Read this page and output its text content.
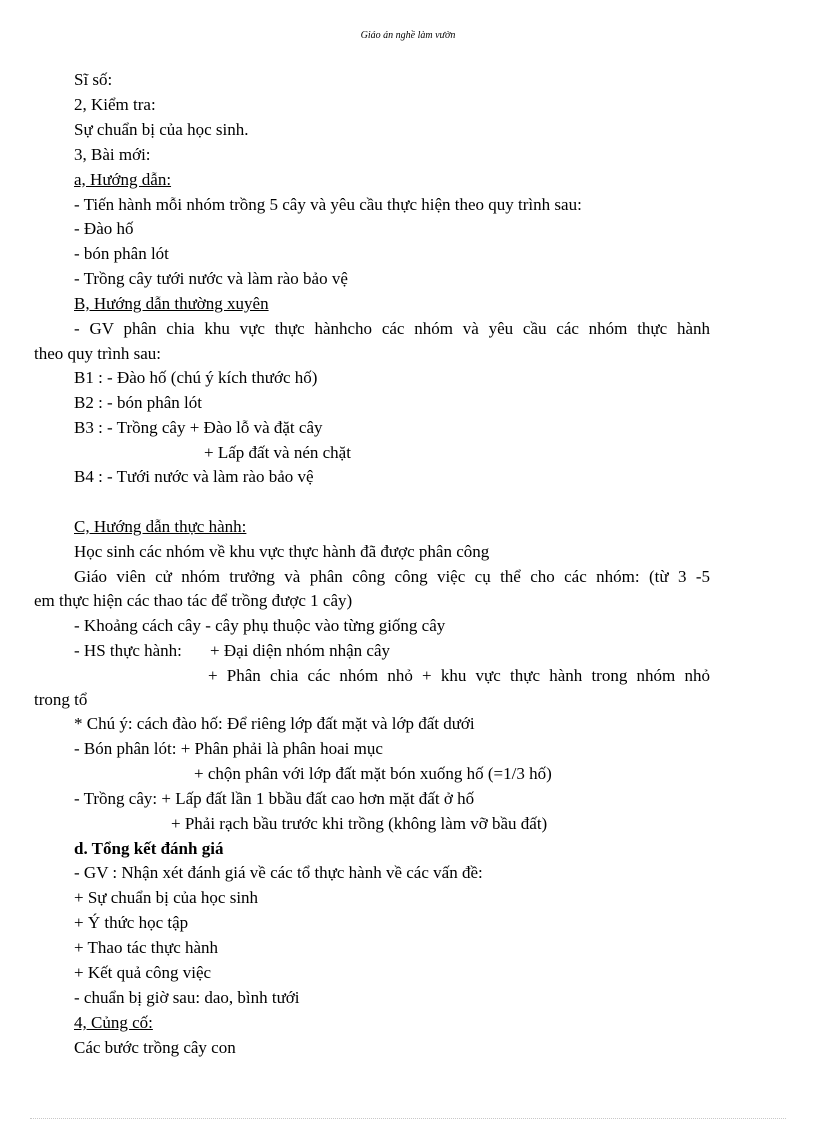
Giáo án nghề làm vườn
Sĩ số:
2, Kiểm tra:
Sự chuẩn bị của học sinh.
3, Bài mới:
a, Hướng dẫn:
- Tiến hành mỗi nhóm trồng 5 cây và yêu cầu thực hiện theo quy trình sau:
- Đào hố
- bón phân lót
- Trồng cây tưới nước và làm rào bảo vệ
B, Hướng dẫn thường xuyên
- GV phân chia khu vực thực hànhcho các nhóm và yêu cầu các nhóm thực hành
theo quy trình sau:
B1 : - Đào hố (chú ý kích thước hố)
B2 : - bón phân lót
B3 : - Trồng cây + Đào lỗ và đặt cây
+ Lấp đất và nén chặt
B4 : - Tưới nước và làm rào bảo vệ
C, Hướng dẫn thực hành:
Học sinh các nhóm về khu vực thực hành đã được phân công
Giáo viên cử nhóm trưởng và phân công công việc cụ thể cho các nhóm: (từ 3 -5
em thực hiện các thao tác để trồng được 1 cây)
- Khoảng cách cây - cây phụ thuộc vào từng giống cây
- HS thực hành: + Đại diện nhóm nhận cây
+ Phân chia các nhóm nhỏ + khu vực thực hành trong nhóm nhỏ
trong tổ
* Chú ý: cách đào hố: Để riêng lớp đất mặt và lớp đất dưới
- Bón phân lót: + Phân phải là phân hoai mục
+ chộn phân với lớp đất mặt bón xuống hố (=1/3 hố)
- Trồng cây: + Lấp đất lần 1 bbầu đất cao hơn mặt đất ở hố
+ Phải rạch bầu trước khi trồng (không làm vỡ bầu đất)
d. Tổng kết đánh giá
- GV : Nhận xét đánh giá về các tổ thực hành về các vấn đề:
+ Sự chuẩn bị của học sinh
+ Ý thức học tập
+ Thao tác thực hành
+ Kết quả công việc
- chuẩn bị giờ sau: dao, bình tưới
4, Củng cố:
Các bước trồng cây con
